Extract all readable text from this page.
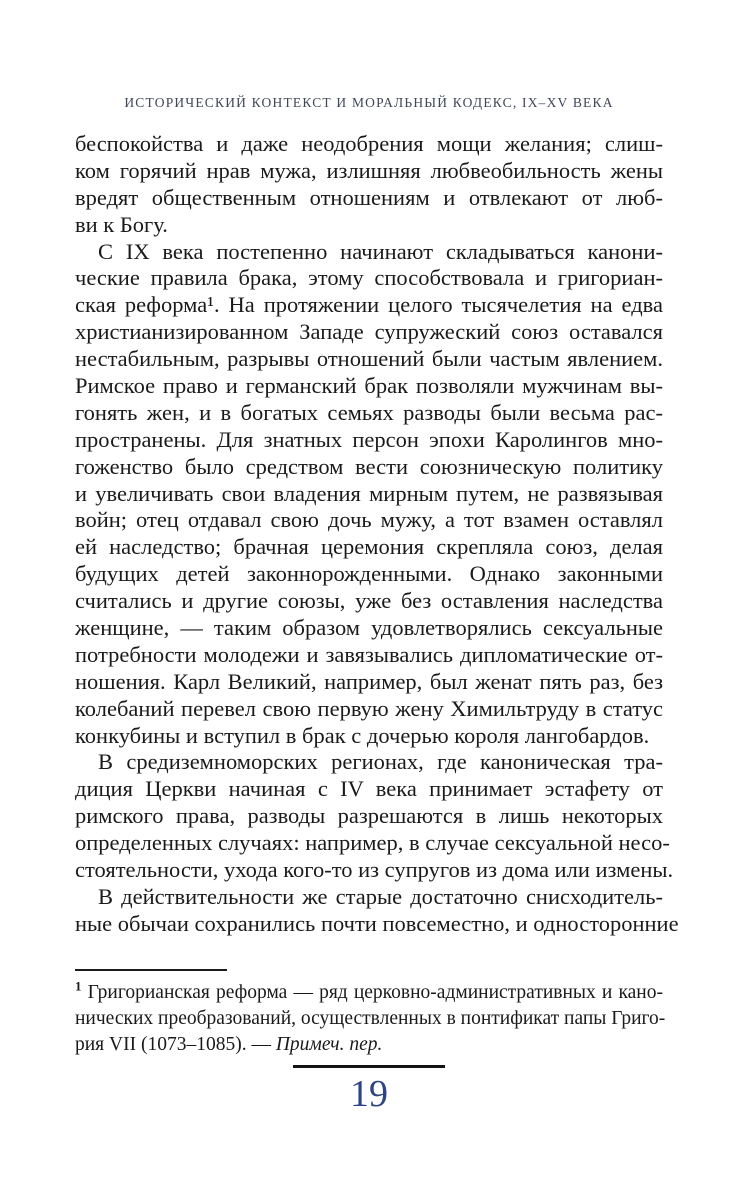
ИСТОРИЧЕСКИЙ КОНТЕКСТ И МОРАЛЬНЫЙ КОДЕКС, IX–XV ВЕКА
беспокойства и даже неодобрения мощи желания; слиш-
ком горячий нрав мужа, излишняя любвеобильность жены
вредят общественным отношениям и отвлекают от люб-
ви к Богу.
С IX века постепенно начинают складываться канони-
ческие правила брака, этому способствовала и григориан-
ская реформа¹. На протяжении целого тысячелетия на едва
христианизированном Западе супружеский союз оставался
нестабильным, разрывы отношений были частым явлением.
Римское право и германский брак позволяли мужчинам вы-
гонять жен, и в богатых семьях разводы были весьма рас-
пространены. Для знатных персон эпохи Каролингов мно-
гоженство было средством вести союзническую политику
и увеличивать свои владения мирным путем, не развязывая
войн; отец отдавал свою дочь мужу, а тот взамен оставлял
ей наследство; брачная церемония скрепляла союз, делая
будущих детей законнорожденными. Однако законными
считались и другие союзы, уже без оставления наследства
женщине, — таким образом удовлетворялись сексуальные
потребности молодежи и завязывались дипломатические от-
ношения. Карл Великий, например, был женат пять раз, без
колебаний перевел свою первую жену Химильтруду в статус
конкубины и вступил в брак с дочерью короля лангобардов.
В средиземноморских регионах, где каноническая тра-
диция Церкви начиная с IV века принимает эстафету от
римского права, разводы разрешаются в лишь некоторых
определенных случаях: например, в случае сексуальной несо-
стоятельности, ухода кого-то из супругов из дома или измены.
В действительности же старые достаточно снисходитель-
ные обычаи сохранились почти повсеместно, и односторонние
$^1$ Григорианская реформа — ряд церковно-административных и кано-
нических преобразований, осуществленных в понтификат папы Григо-
рия VII (1073–1085). — Примеч. пер.
19
